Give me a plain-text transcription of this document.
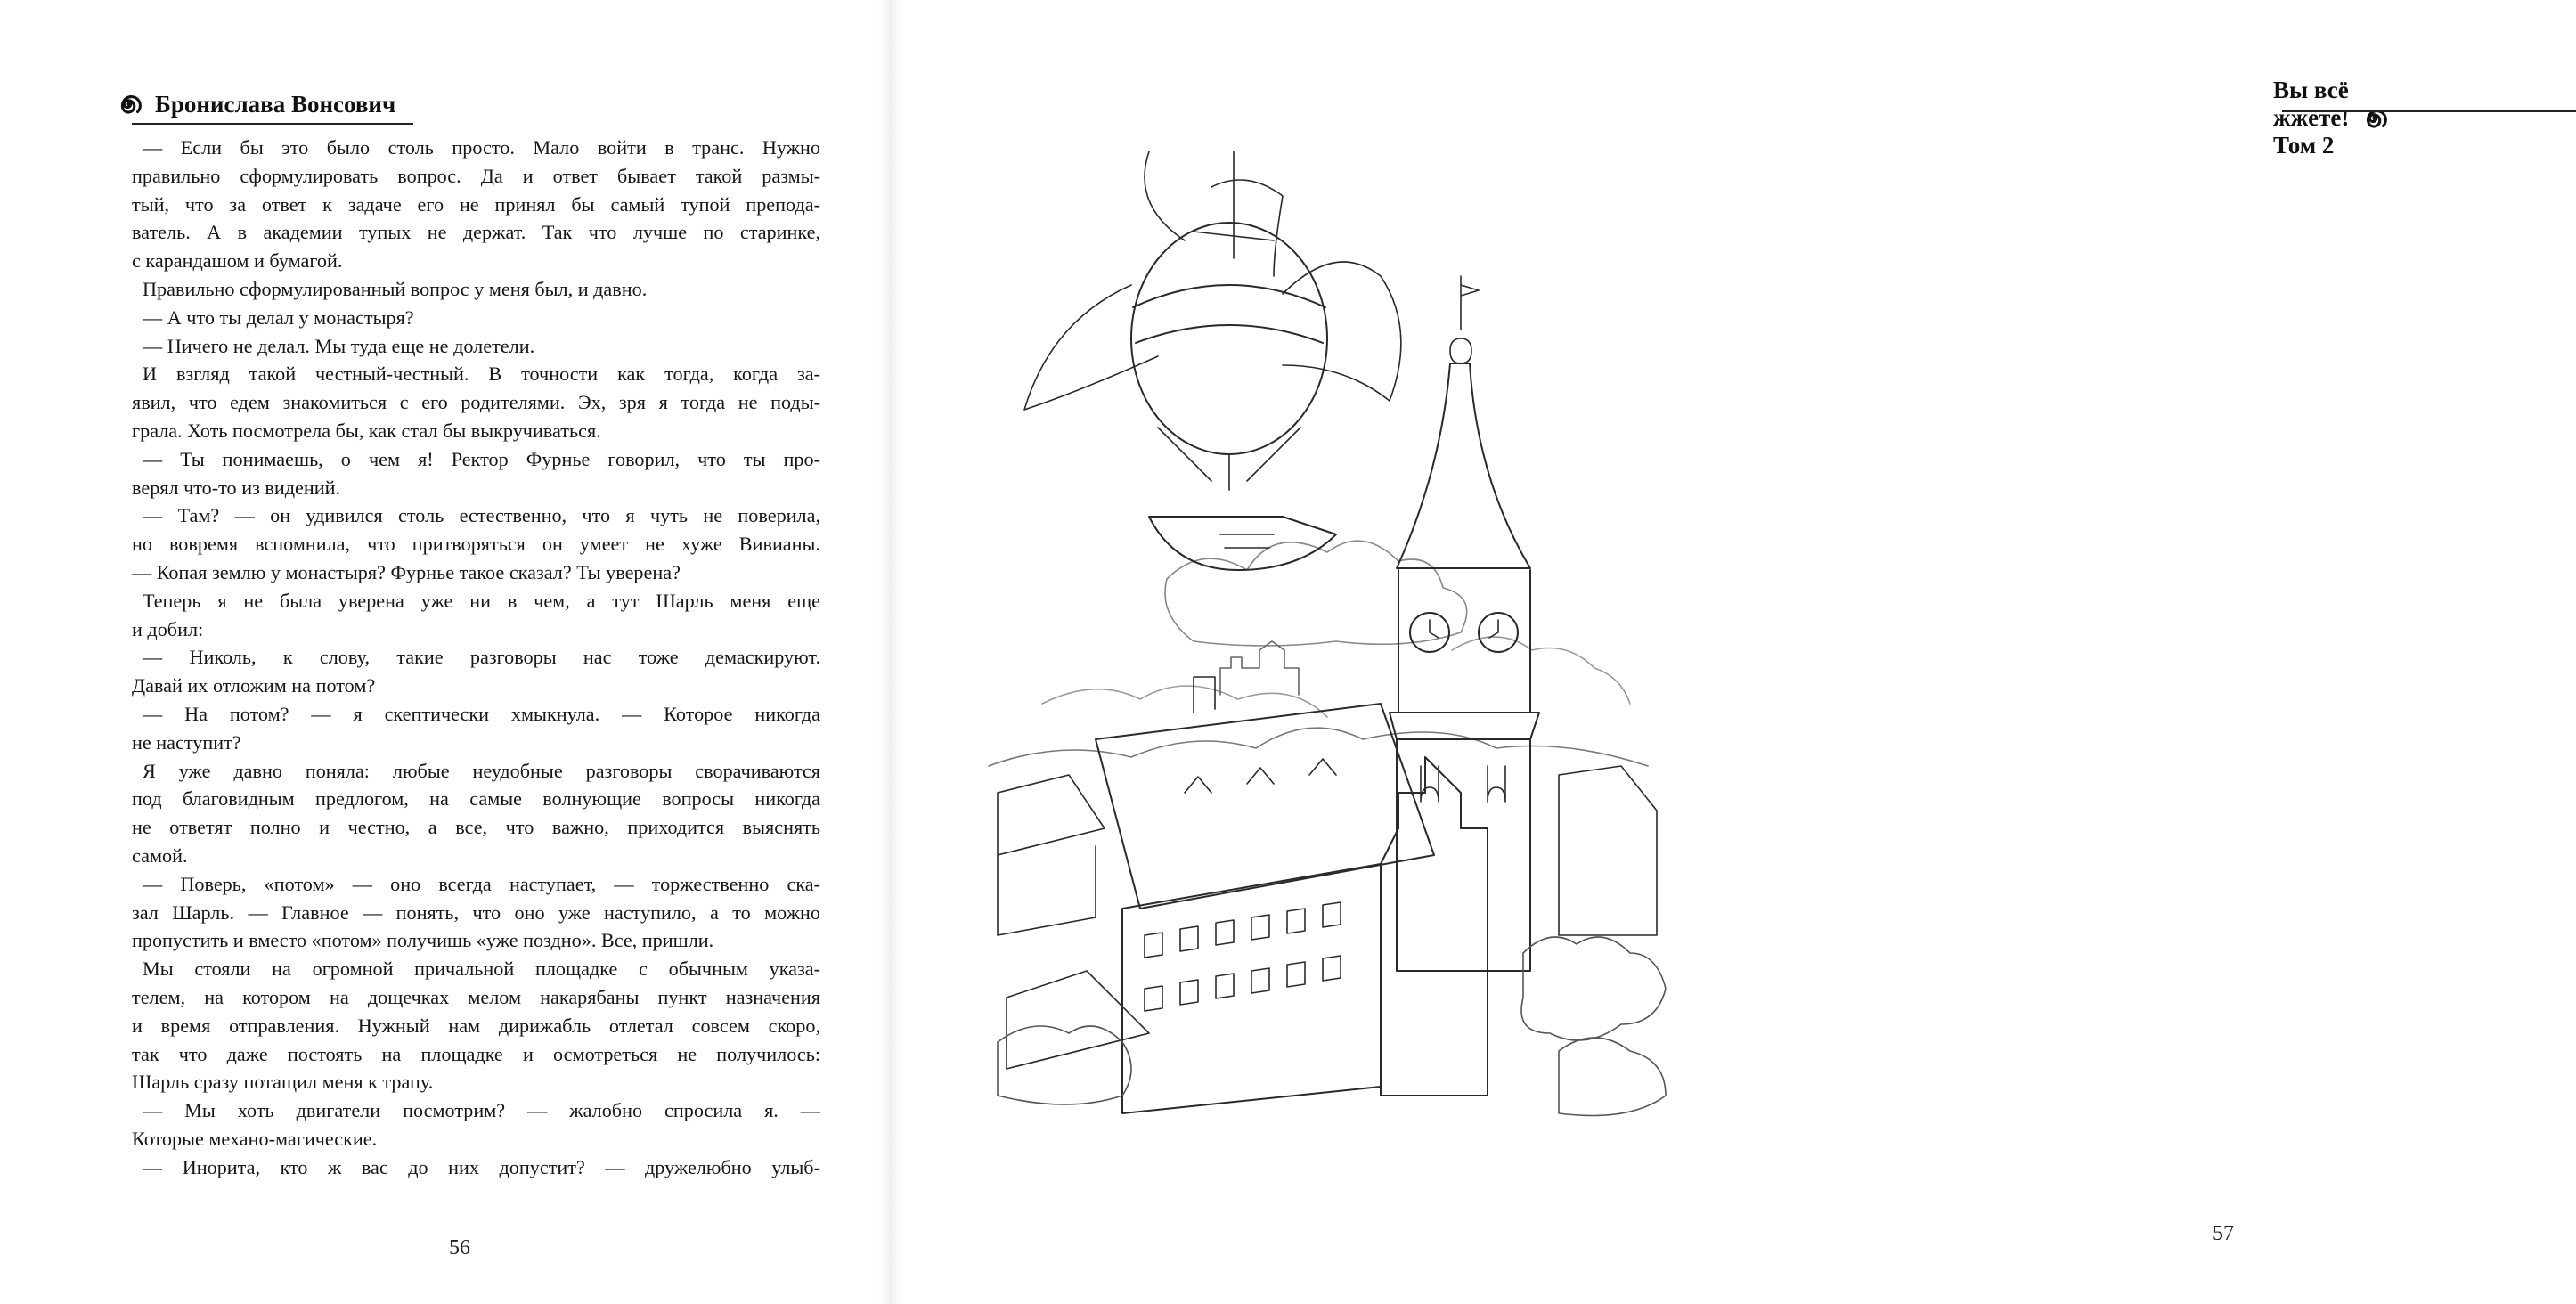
Бронислава Вонсович
— Если бы это было столь просто. Мало войти в транс. Нужно
правильно сформулировать вопрос. Да и ответ бывает такой размы-
тый, что за ответ к задаче его не принял бы самый тупой препода-
ватель. А в академии тупых не держат. Так что лучше по старинке,
с карандашом и бумагой.
Правильно сформулированный вопрос у меня был, и давно.
— А что ты делал у монастыря?
— Ничего не делал. Мы туда еще не долетели.
И взгляд такой честный-честный. В точности как тогда, когда за-
явил, что едем знакомиться с его родителями. Эх, зря я тогда не поды-
грала. Хоть посмотрела бы, как стал бы выкручиваться.
— Ты понимаешь, о чем я! Ректор Фурнье говорил, что ты про-
верял что-то из видений.
— Там? — он удивился столь естественно, что я чуть не поверила,
но вовремя вспомнила, что притворяться он умеет не хуже Вивианы.
— Копая землю у монастыря? Фурнье такое сказал? Ты уверена?
Теперь я не была уверена уже ни в чем, а тут Шарль меня еще
и добил:
— Николь, к слову, такие разговоры нас тоже демаскируют.
Давай их отложим на потом?
— На потом? — я скептически хмыкнула. — Которое никогда
не наступит?
Я уже давно поняла: любые неудобные разговоры сворачиваются
под благовидным предлогом, на самые волнующие вопросы никогда
не ответят полно и честно, а все, что важно, приходится выяснять
самой.
— Поверь, «потом» — оно всегда наступает, — торжественно ска-
зал Шарль. — Главное — понять, что оно уже наступило, а то можно
пропустить и вместо «потом» получишь «уже поздно». Все, пришли.
Мы стояли на огромной причальной площадке с обычным указа-
телем, на котором на дощечках мелом накарябаны пункт назначения
и время отправления. Нужный нам дирижабль отлетал совсем скоро,
так что даже постоять на площадке и осмотреться не получилось:
Шарль сразу потащил меня к трапу.
— Мы хоть двигатели посмотрим? — жалобно спросила я. —
Которые механо-магические.
— Инорита, кто ж вас до них допустит? — дружелюбно улыб-
56
Вы всё жжёте! Том 2
57
